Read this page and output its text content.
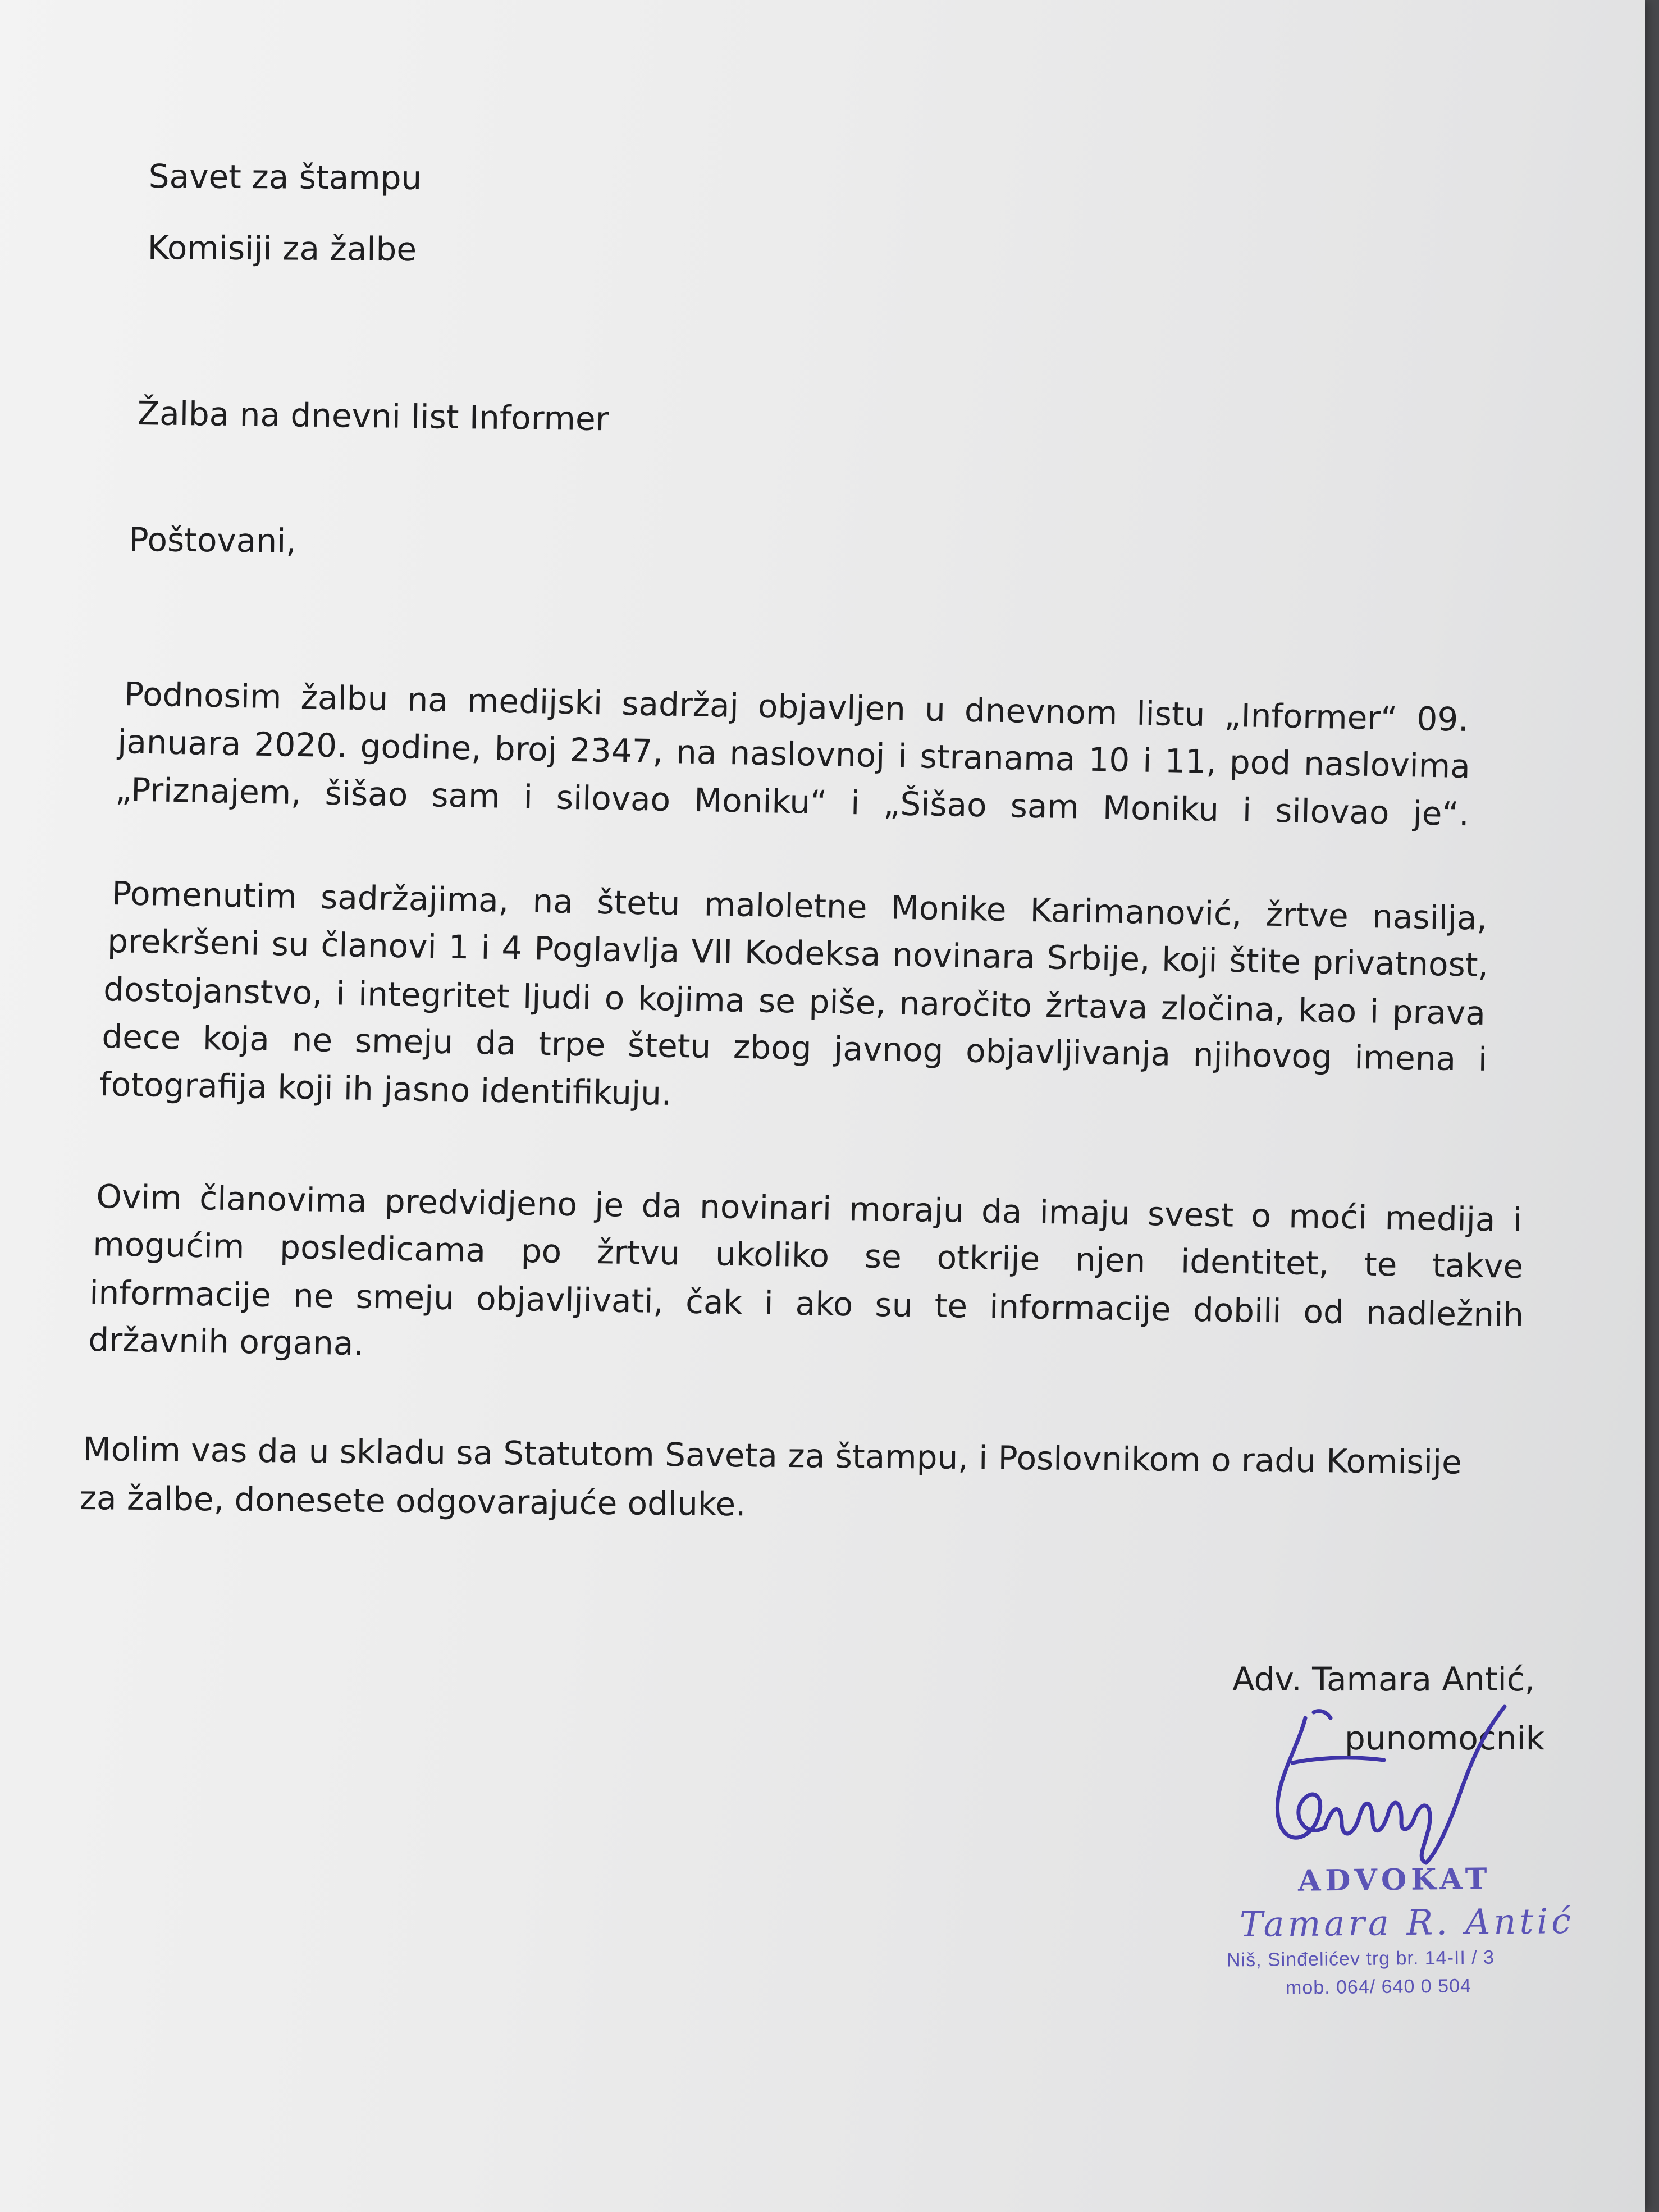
Savet za štampu

Komisiji za žalbe

Žalba na dnevni list Informer

Poštovani,

Podnosim žalbu na medijski sadržaj objavljen u dnevnom listu „Informer“ 09.

januara 2020. godine, broj 2347, na naslovnoj i stranama 10 i 11, pod naslovima

„Priznajem, šišao sam i silovao Moniku“ i „Šišao sam Moniku i silovao je“.

Pomenutim sadržajima, na štetu maloletne Monike Karimanović, žrtve nasilja,

prekršeni su članovi 1 i 4 Poglavlja VII Kodeksa novinara Srbije, koji štite privatnost,

dostojanstvo, i integritet ljudi o kojima se piše, naročito žrtava zločina, kao i prava

dece koja ne smeju da trpe štetu zbog javnog objavljivanja njihovog imena i

fotografija koji ih jasno identifikuju.

Ovim članovima predvidjeno je da novinari moraju da imaju svest o moći medija i

mogućim posledicama po žrtvu ukoliko se otkrije njen identitet, te takve

informacije ne smeju objavljivati, čak i ako su te informacije dobili od nadležnih

državnih organa.

Molim vas da u skladu sa Statutom Saveta za štampu, i Poslovnikom o radu Komisije

za žalbe, donesete odgovarajuće odluke.

Adv. Tamara Antić,

punomoćnik

ADVOKAT
Tamara R. Antić
Niš, Sinđelićev trg br. 14-II / 3
mob. 064/ 640 0 504
